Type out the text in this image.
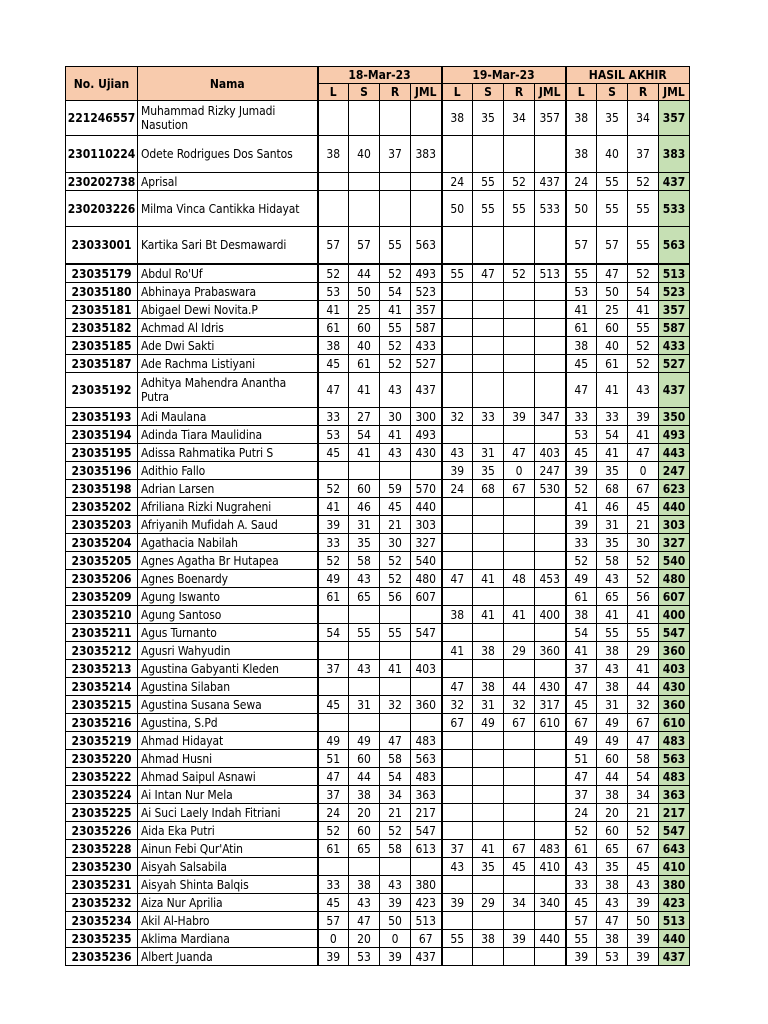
No. Ujian	Nama	18-Mar-23				19-Mar-23				HASIL AKHIR			
		L	S	R	JML	L	S	R	JML	L	S	R	JML
221246557	Muhammad Rizky Jumadi Nasution					38	35	34	357	38	35	34	357
230110224	Odete Rodrigues Dos Santos	38	40	37	383					38	40	37	383
230202738	Aprisal					24	55	52	437	24	55	52	437
230203226	Milma Vinca Cantikka Hidayat					50	55	55	533	50	55	55	533
23033001	Kartika Sari Bt Desmawardi	57	57	55	563					57	57	55	563
23035179	Abdul Ro'Uf	52	44	52	493	55	47	52	513	55	47	52	513
23035180	Abhinaya Prabaswara	53	50	54	523					53	50	54	523
23035181	Abigael Dewi Novita.P	41	25	41	357					41	25	41	357
23035182	Achmad Al Idris	61	60	55	587					61	60	55	587
23035185	Ade Dwi Sakti	38	40	52	433					38	40	52	433
23035187	Ade Rachma Listiyani	45	61	52	527					45	61	52	527
23035192	Adhitya Mahendra Anantha Putra	47	41	43	437					47	41	43	437
23035193	Adi Maulana	33	27	30	300	32	33	39	347	33	33	39	350
23035194	Adinda Tiara Maulidina	53	54	41	493					53	54	41	493
23035195	Adissa Rahmatika Putri S	45	41	43	430	43	31	47	403	45	41	47	443
23035196	Adithio Fallo					39	35	0	247	39	35	0	247
23035198	Adrian Larsen	52	60	59	570	24	68	67	530	52	68	67	623
23035202	Afriliana Rizki Nugraheni	41	46	45	440					41	46	45	440
23035203	Afriyanih Mufidah A. Saud	39	31	21	303					39	31	21	303
23035204	Agathacia Nabilah	33	35	30	327					33	35	30	327
23035205	Agnes Agatha Br Hutapea	52	58	52	540					52	58	52	540
23035206	Agnes Boenardy	49	43	52	480	47	41	48	453	49	43	52	480
23035209	Agung Iswanto	61	65	56	607					61	65	56	607
23035210	Agung Santoso					38	41	41	400	38	41	41	400
23035211	Agus Turnanto	54	55	55	547					54	55	55	547
23035212	Agusri Wahyudin					41	38	29	360	41	38	29	360
23035213	Agustina Gabyanti Kleden	37	43	41	403					37	43	41	403
23035214	Agustina Silaban					47	38	44	430	47	38	44	430
23035215	Agustina Susana Sewa	45	31	32	360	32	31	32	317	45	31	32	360
23035216	Agustina, S.Pd					67	49	67	610	67	49	67	610
23035219	Ahmad Hidayat	49	49	47	483					49	49	47	483
23035220	Ahmad Husni	51	60	58	563					51	60	58	563
23035222	Ahmad Saipul Asnawi	47	44	54	483					47	44	54	483
23035224	Ai Intan Nur Mela	37	38	34	363					37	38	34	363
23035225	Ai Suci Laely Indah Fitriani	24	20	21	217					24	20	21	217
23035226	Aida Eka Putri	52	60	52	547					52	60	52	547
23035228	Ainun Febi Qur'Atin	61	65	58	613	37	41	67	483	61	65	67	643
23035230	Aisyah Salsabila					43	35	45	410	43	35	45	410
23035231	Aisyah Shinta Balqis	33	38	43	380					33	38	43	380
23035232	Aiza Nur Aprilia	45	43	39	423	39	29	34	340	45	43	39	423
23035234	Akil Al-Habro	57	47	50	513					57	47	50	513
23035235	Aklima Mardiana	0	20	0	67	55	38	39	440	55	38	39	440
23035236	Albert Juanda	39	53	39	437					39	53	39	437
